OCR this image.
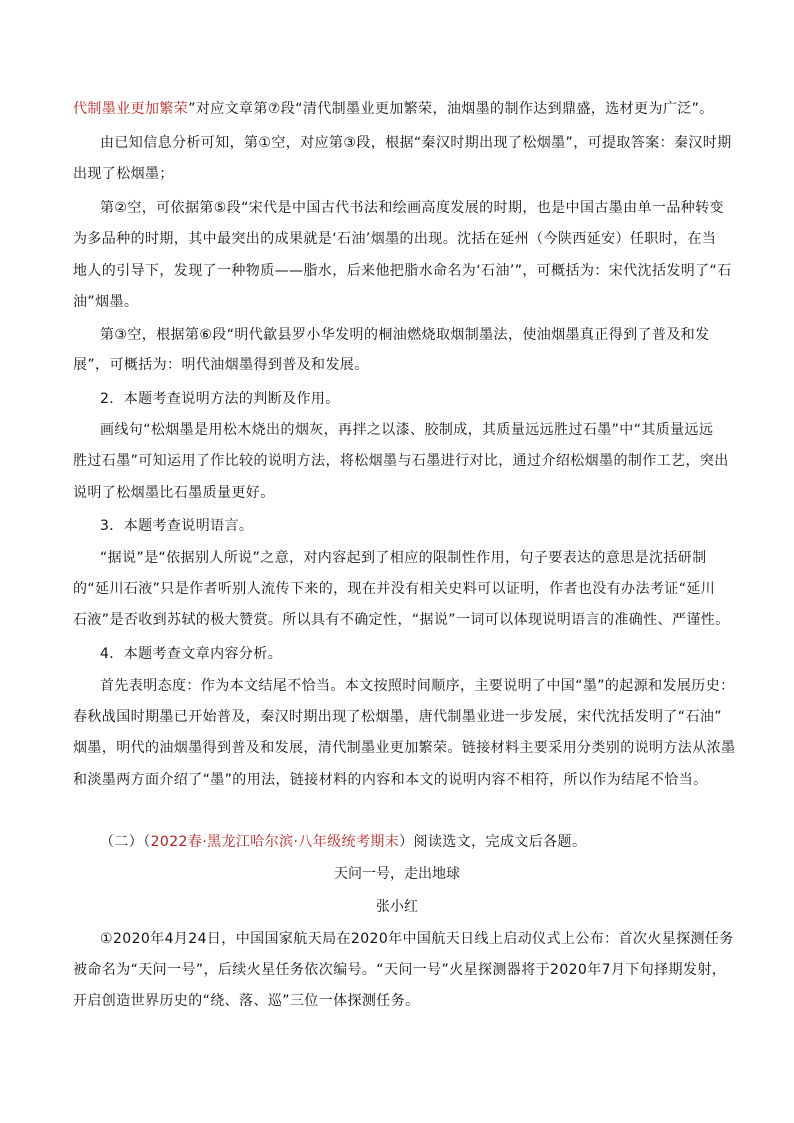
代制墨业更加繁荣”对应文章第⑦段“清代制墨业更加繁荣，油烟墨的制作达到鼎盛，选材更为广泛”。
由已知信息分析可知，第①空，对应第③段，根据“秦汉时期出现了松烟墨”，可提取答案：秦汉时期
出现了松烟墨；
第②空，可依据第⑤段“宋代是中国古代书法和绘画高度发展的时期，也是中国古墨由单一品种转变
为多品种的时期，其中最突出的成果就是‘石油’烟墨的出现。沈括在延州（今陕西延安）任职时，在当
地人的引导下，发现了一种物质——脂水，后来他把脂水命名为‘石油’”，可概括为：宋代沈括发明了“石
油”烟墨。
第③空，根据第⑥段“明代歙县罗小华发明的桐油燃烧取烟制墨法，使油烟墨真正得到了普及和发
展”，可概括为：明代油烟墨得到普及和发展。
2．本题考查说明方法的判断及作用。
画线句“松烟墨是用松木烧出的烟灰，再拌之以漆、胶制成，其质量远远胜过石墨”中“其质量远远
胜过石墨”可知运用了作比较的说明方法，将松烟墨与石墨进行对比，通过介绍松烟墨的制作工艺，突出
说明了松烟墨比石墨质量更好。
3．本题考查说明语言。
“据说”是“依据别人所说”之意，对内容起到了相应的限制性作用，句子要表达的意思是沈括研制
的“延川石液”只是作者听别人流传下来的，现在并没有相关史料可以证明，作者也没有办法考证“延川
石液”是否收到苏轼的极大赞赏。所以具有不确定性，“据说”一词可以体现说明语言的准确性、严谨性。
4．本题考查文章内容分析。
首先表明态度：作为本文结尾不恰当。本文按照时间顺序，主要说明了中国“墨”的起源和发展历史：
春秋战国时期墨已开始普及，秦汉时期出现了松烟墨，唐代制墨业进一步发展，宋代沈括发明了“石油”
烟墨，明代的油烟墨得到普及和发展，清代制墨业更加繁荣。链接材料主要采用分类别的说明方法从浓墨
和淡墨两方面介绍了“墨”的用法，链接材料的内容和本文的说明内容不相符，所以作为结尾不恰当。
（二）（2022春·黑龙江哈尔滨·八年级统考期末）阅读选文，完成文后各题。
天问一号，走出地球
张小红
①2020年4月24日，中国国家航天局在2020年中国航天日线上启动仪式上公布：首次火星探测任务
被命名为“天问一号”，后续火星任务依次编号。“天问一号”火星探测器将于2020年7月下旬择期发射，
开启创造世界历史的“绕、落、巡”三位一体探测任务。
